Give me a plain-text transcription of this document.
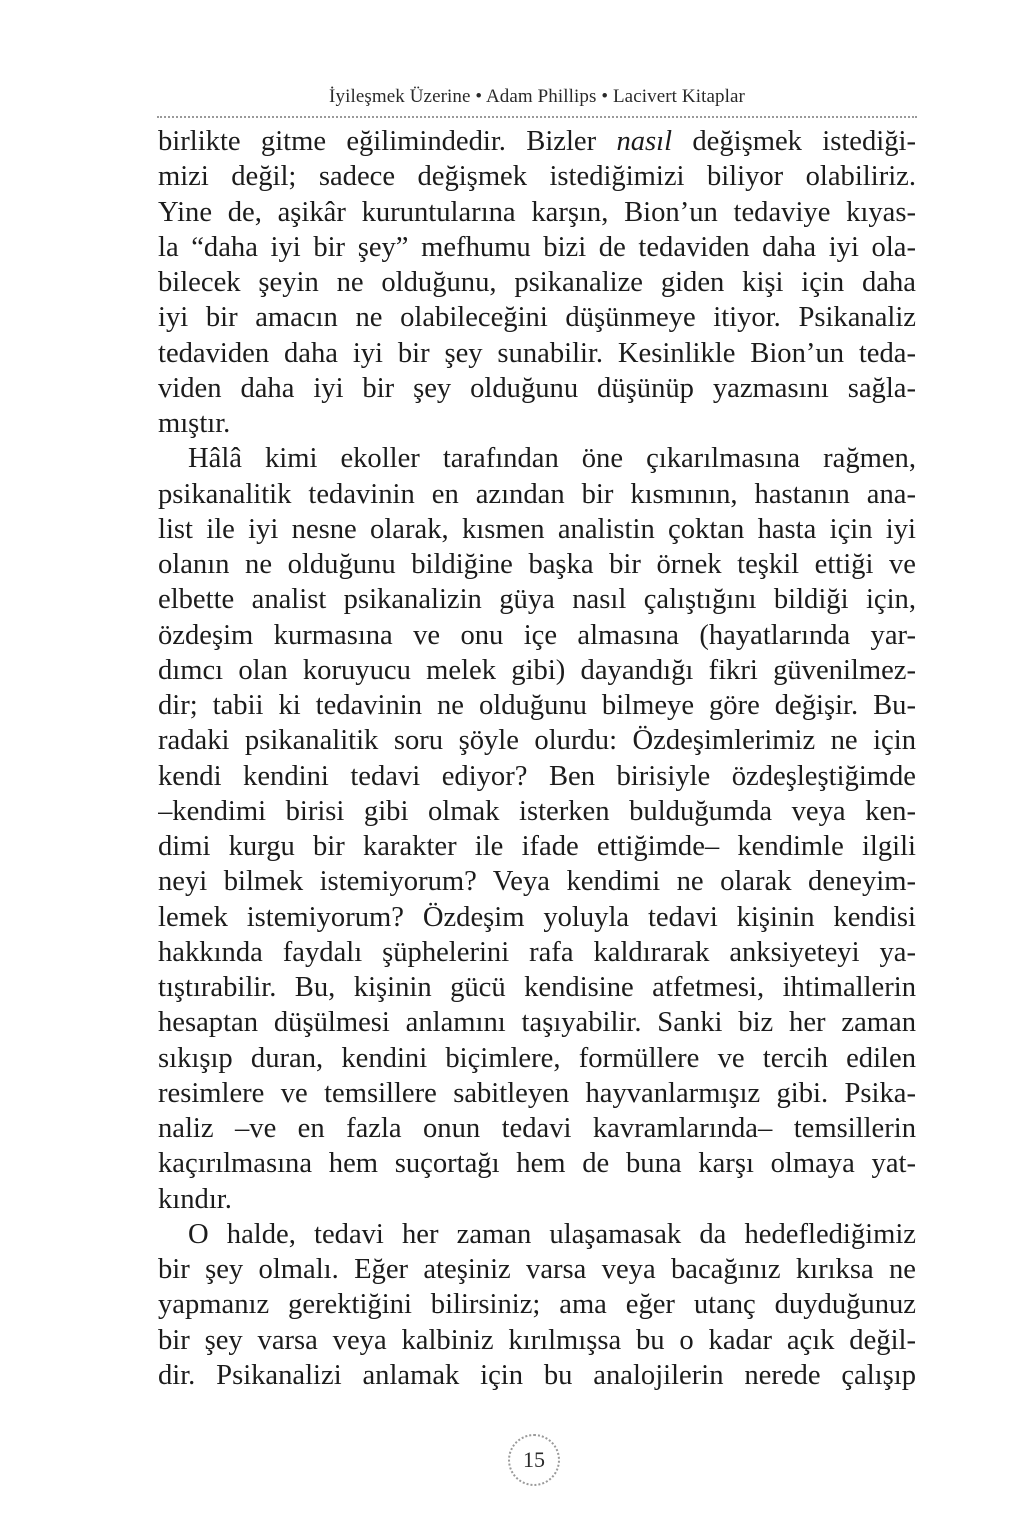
İyileşmek Üzerine • Adam Phillips • Lacivert Kitaplar
birlikte gitme eğilimindedir. Bizler nasıl değişmek istediği-
mizi değil; sadece değişmek istediğimizi biliyor olabiliriz.
Yine de, aşikâr kuruntularına karşın, Bion’un tedaviye kıyas-
la “daha iyi bir şey” mefhumu bizi de tedaviden daha iyi ola-
bilecek şeyin ne olduğunu, psikanalize giden kişi için daha
iyi bir amacın ne olabileceğini düşünmeye itiyor. Psikanaliz
tedaviden daha iyi bir şey sunabilir. Kesinlikle Bion’un teda-
viden daha iyi bir şey olduğunu düşünüp yazmasını sağla-
mıştır.
Hâlâ kimi ekoller tarafından öne çıkarılmasına rağmen,
psikanalitik tedavinin en azından bir kısmının, hastanın ana-
list ile iyi nesne olarak, kısmen analistin çoktan hasta için iyi
olanın ne olduğunu bildiğine başka bir örnek teşkil ettiği ve
elbette analist psikanalizin güya nasıl çalıştığını bildiği için,
özdeşim kurmasına ve onu içe almasına (hayatlarında yar-
dımcı olan koruyucu melek gibi) dayandığı fikri güvenilmez-
dir; tabii ki tedavinin ne olduğunu bilmeye göre değişir. Bu-
radaki psikanalitik soru şöyle olurdu: Özdeşimlerimiz ne için
kendi kendini tedavi ediyor? Ben birisiyle özdeşleştiğimde
–kendimi birisi gibi olmak isterken bulduğumda veya ken-
dimi kurgu bir karakter ile ifade ettiğimde– kendimle ilgili
neyi bilmek istemiyorum? Veya kendimi ne olarak deneyim-
lemek istemiyorum? Özdeşim yoluyla tedavi kişinin kendisi
hakkında faydalı şüphelerini rafa kaldırarak anksiyeteyi ya-
tıştırabilir. Bu, kişinin gücü kendisine atfetmesi, ihtimallerin
hesaptan düşülmesi anlamını taşıyabilir. Sanki biz her zaman
sıkışıp duran, kendini biçimlere, formüllere ve tercih edilen
resimlere ve temsillere sabitleyen hayvanlarmışız gibi. Psika-
naliz –ve en fazla onun tedavi kavramlarında– temsillerin
kaçırılmasına hem suçortağı hem de buna karşı olmaya yat-
kındır.
O halde, tedavi her zaman ulaşamasak da hedeflediğimiz
bir şey olmalı. Eğer ateşiniz varsa veya bacağınız kırıksa ne
yapmanız gerektiğini bilirsiniz; ama eğer utanç duyduğunuz
bir şey varsa veya kalbiniz kırılmışsa bu o kadar açık değil-
dir. Psikanalizi anlamak için bu analojilerin nerede çalışıp
15
